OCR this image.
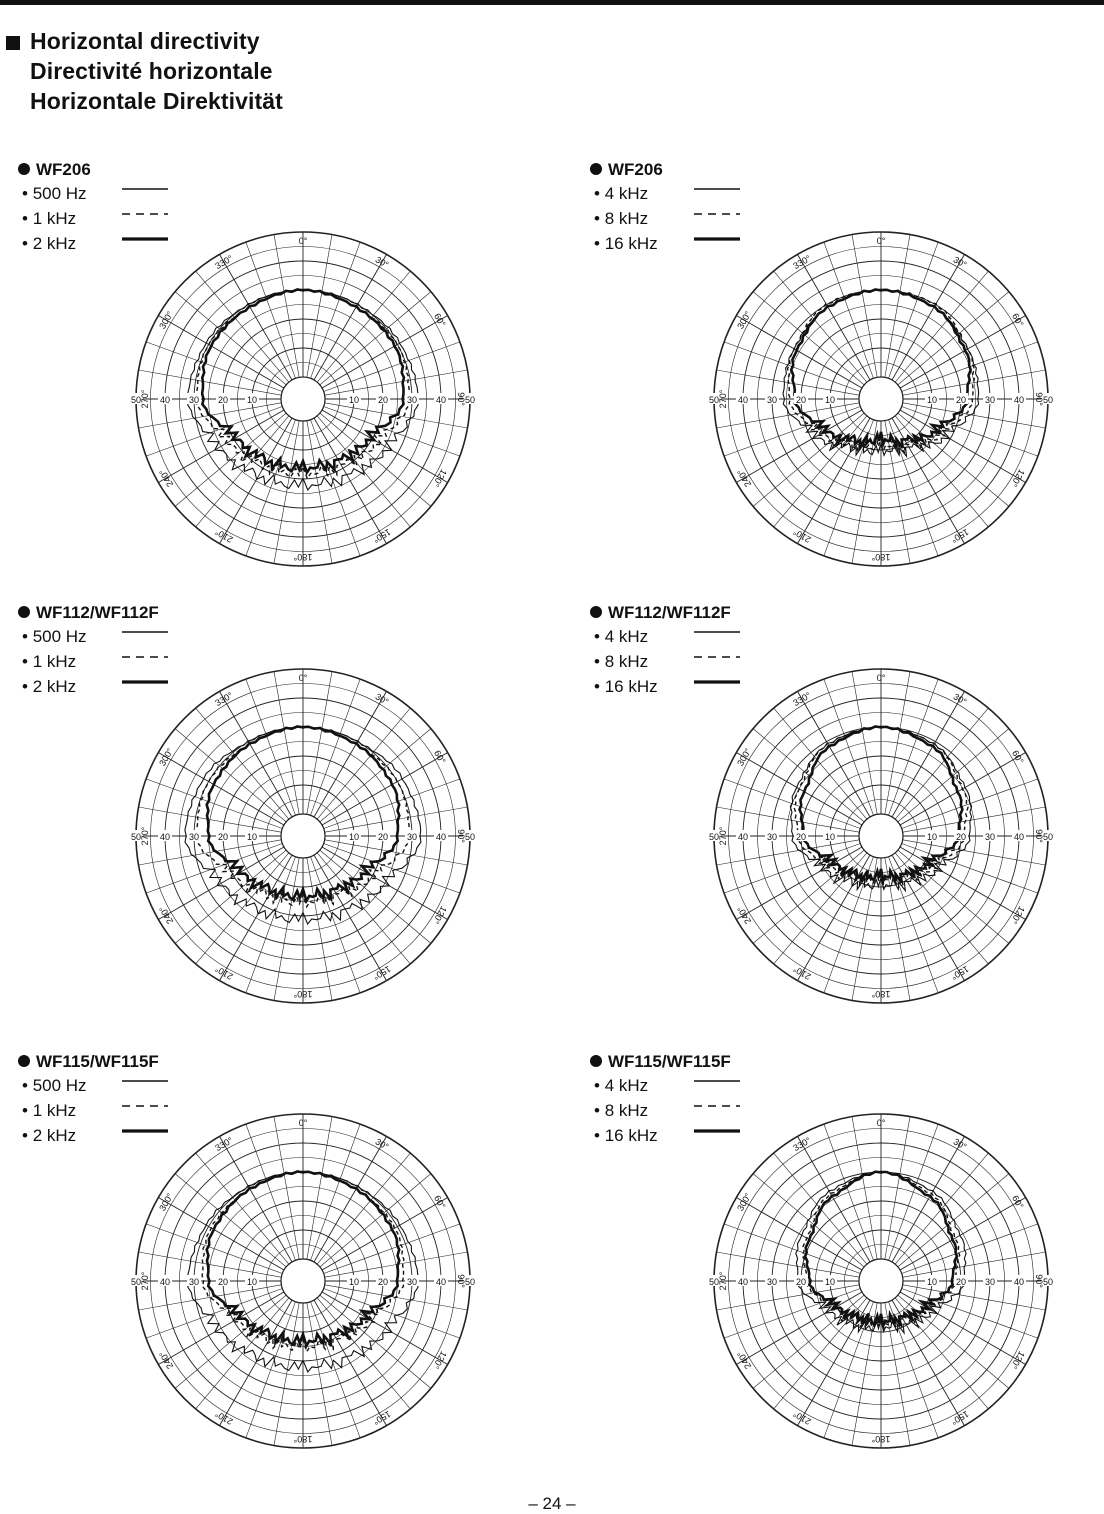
Horizontal directivity
Directivité horizontale
Horizontale Direktivität
WF206
• 500 Hz
• 1 kHz
• 2 kHz
10
10	20
20	30
30	40
40	50
50
0°
30°
60°
90°
120°
150°
180°
210°
240°
270°
300°
330°
WF206
• 4 kHz
• 8 kHz
• 16 kHz
10
10	20
20	30
30	40
40	50
50
0°
30°
60°
90°
120°
150°
180°
210°
240°
270°
300°
330°
WF112/WF112F
• 500 Hz
• 1 kHz
• 2 kHz
10
10	20
20	30
30	40
40	50
50
0°
30°
60°
90°
120°
150°
180°
210°
240°
270°
300°
330°
WF112/WF112F
• 4 kHz
• 8 kHz
• 16 kHz
10
10	20
20	30
30	40
40	50
50
0°
30°
60°
90°
120°
150°
180°
210°
240°
270°
300°
330°
WF115/WF115F
• 500 Hz
• 1 kHz
• 2 kHz
10
10	20
20	30
30	40
40	50
50
0°
30°
60°
90°
120°
150°
180°
210°
240°
270°
300°
330°
WF115/WF115F
• 4 kHz
• 8 kHz
• 16 kHz
10
10	20
20	30
30	40
40	50
50
0°
30°
60°
90°
120°
150°
180°
210°
240°
270°
300°
330°
– 24 –
